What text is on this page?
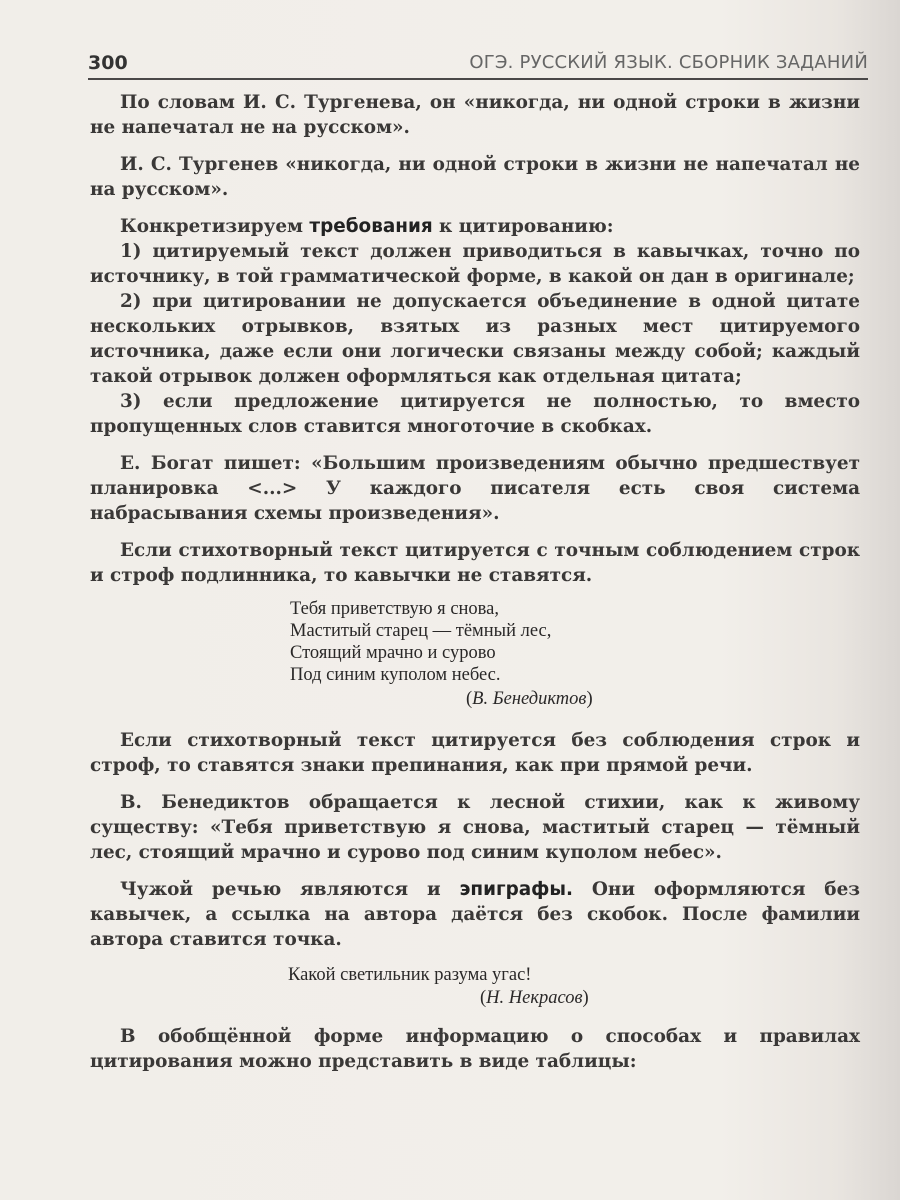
300	ОГЭ. РУССКИЙ ЯЗЫК. СБОРНИК ЗАДАНИЙ

По словам И. С. Тургенева, он «никогда, ни одной строки в жизни не напечатал не на русском».

И. С. Тургенев «никогда, ни одной строки в жизни не напечатал не на русском».

Конкретизируем требования к цитированию:

1) цитируемый текст должен приводиться в кавычках, точно по источнику, в той грамматической форме, в какой он дан в оригинале;

2) при цитировании не допускается объединение в одной цитате нескольких отрывков, взятых из разных мест цитируемого источника, даже если они логически связаны между собой; каждый такой отрывок должен оформляться как отдельная цитата;

3) если предложение цитируется не полностью, то вместо пропущенных слов ставится многоточие в скобках.

Е. Богат пишет: «Большим произведениям обычно предшествует планировка <...> У каждого писателя есть своя система набрасывания схемы произведения».

Если стихотворный текст цитируется с точным соблюдением строк и строф подлинника, то кавычки не ставятся.

Тебя приветствую я снова,
Маститый старец — тёмный лес,
Стоящий мрачно и сурово
Под синим куполом небес.
(В. Бенедиктов)

Если стихотворный текст цитируется без соблюдения строк и строф, то ставятся знаки препинания, как при прямой речи.

В. Бенедиктов обращается к лесной стихии, как к живому существу: «Тебя приветствую я снова, маститый старец — тёмный лес, стоящий мрачно и сурово под синим куполом небес».

Чужой речью являются и эпиграфы. Они оформляются без кавычек, а ссылка на автора даётся без скобок. После фамилии автора ставится точка.

Какой светильник разума угас!
(Н. Некрасов)

В обобщённой форме информацию о способах и правилах цитирования можно представить в виде таблицы:
